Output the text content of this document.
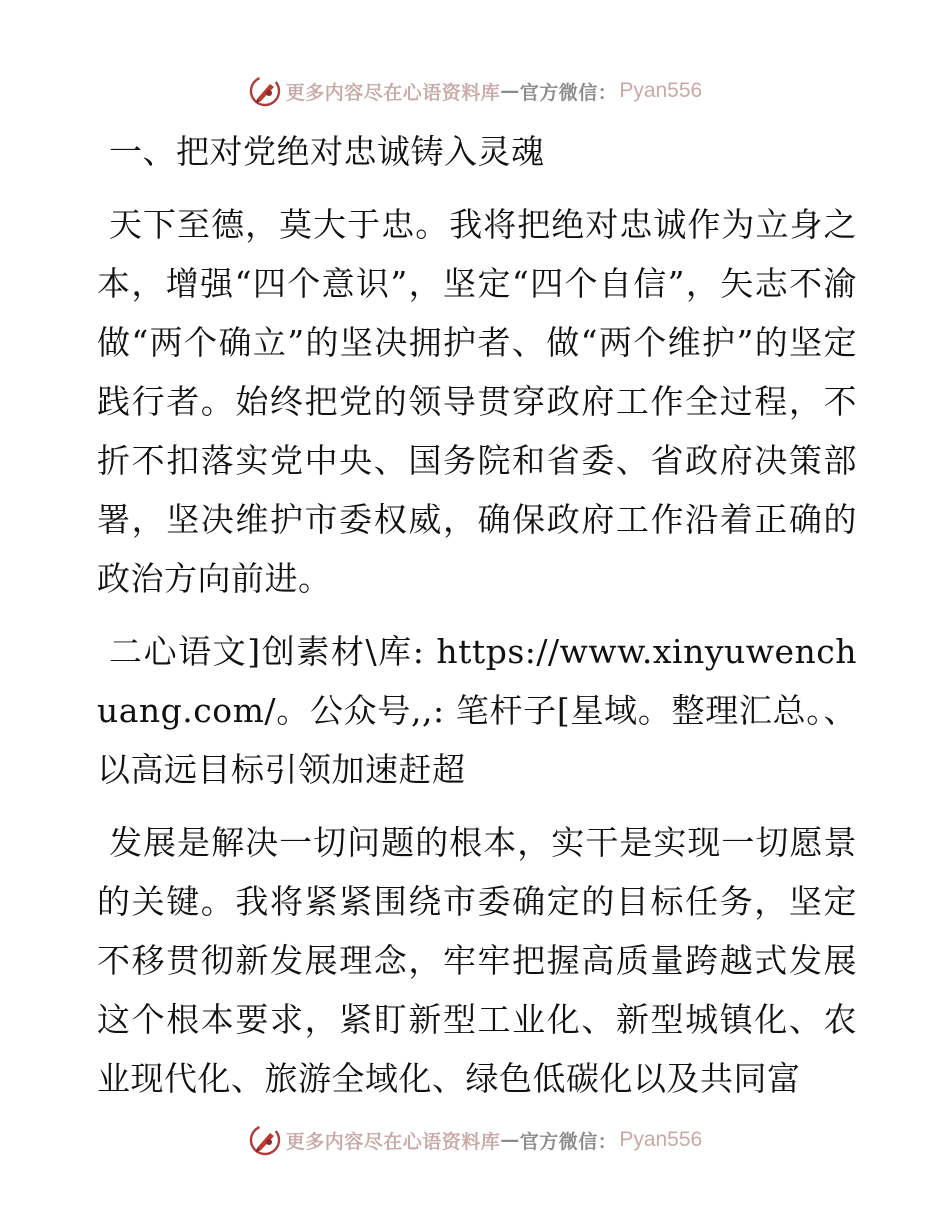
更多内容尽在心语资料库 — 官方微信： Pyan556

一、把对党绝对忠诚铸入灵魂

天下至德，莫大于忠。我将把绝对忠诚作为立身之本，增强“四个意识”，坚定“四个自信”，矢志不渝做“两个确立”的坚决拥护者、做“两个维护”的坚定践行者。始终把党的领导贯穿政府工作全过程，不折不扣落实党中央、国务院和省委、省政府决策部署，坚决维护市委权威，确保政府工作沿着正确的政治方向前进。

二心语文]创素材\库: https://www.xinyuwenchuang.com/。公众号,,: 笔杆子[星域。整理汇总。、以高远目标引领加速赶超

发展是解决一切问题的根本，实干是实现一切愿景的关键。我将紧紧围绕市委确定的目标任务，坚定不移贯彻新发展理念，牢牢把握高质量跨越式发展这个根本要求，紧盯新型工业化、新型城镇化、农业现代化、旅游全域化、绿色低碳化以及共同富

更多内容尽在心语资料库 — 官方微信： Pyan556
